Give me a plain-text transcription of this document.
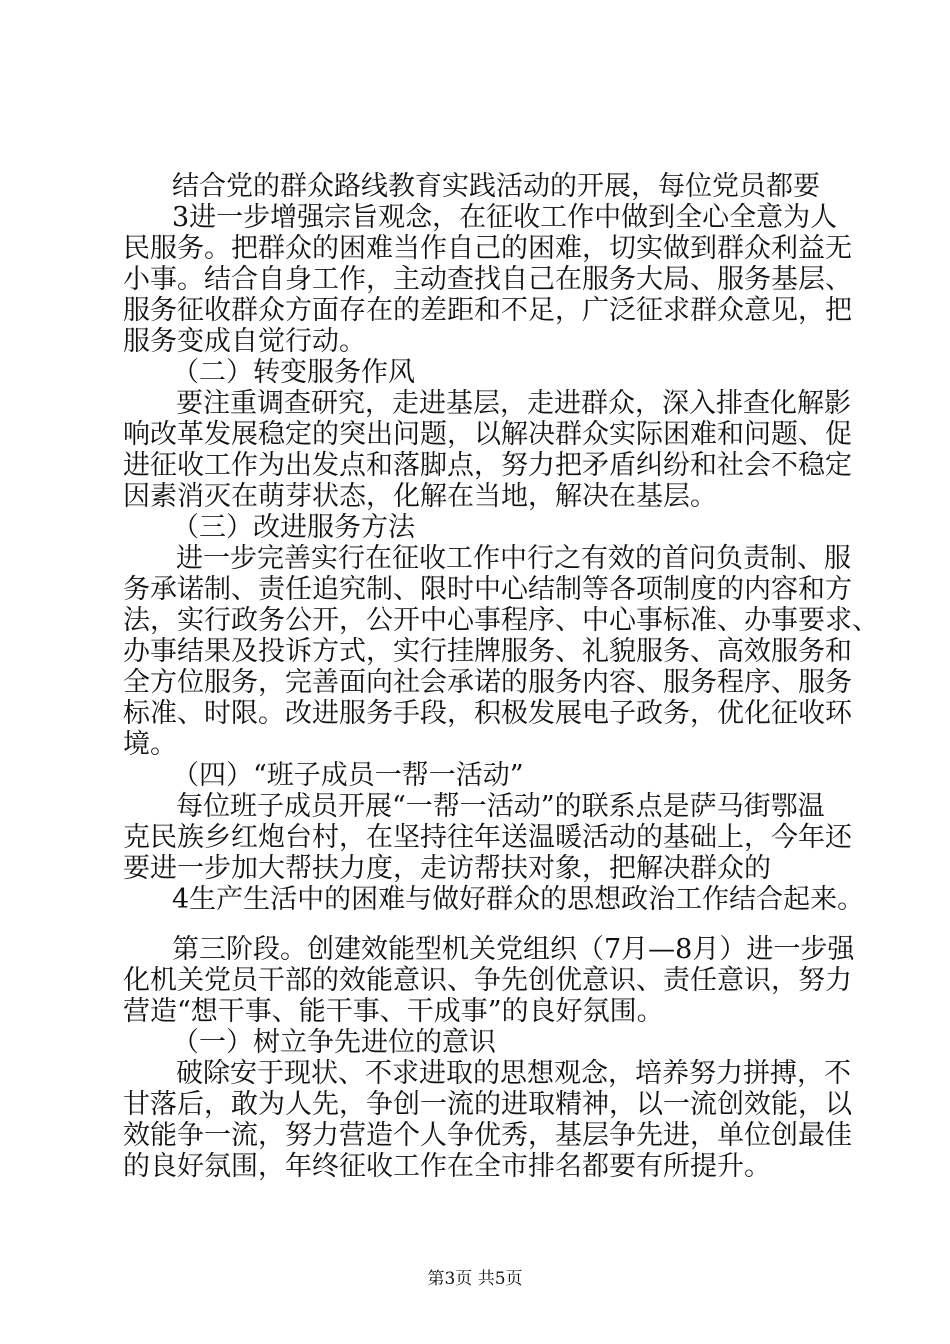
结合党的群众路线教育实践活动的开展，每位党员都要
3进一步增强宗旨观念，在征收工作中做到全心全意为人
民服务。把群众的困难当作自己的困难，切实做到群众利益无
小事。结合自身工作，主动查找自己在服务大局、服务基层、
服务征收群众方面存在的差距和不足，广泛征求群众意见，把
服务变成自觉行动。
（二）转变服务作风
要注重调查研究，走进基层，走进群众，深入排查化解影
响改革发展稳定的突出问题，以解决群众实际困难和问题、促
进征收工作为出发点和落脚点，努力把矛盾纠纷和社会不稳定
因素消灭在萌芽状态，化解在当地，解决在基层。
（三）改进服务方法
进一步完善实行在征收工作中行之有效的首问负责制、服
务承诺制、责任追究制、限时中心结制等各项制度的内容和方
法，实行政务公开，公开中心事程序、中心事标准、办事要求、
办事结果及投诉方式，实行挂牌服务、礼貌服务、高效服务和
全方位服务，完善面向社会承诺的服务内容、服务程序、服务
标准、时限。改进服务手段，积极发展电子政务，优化征收环
境。
（四）“班子成员一帮一活动”
每位班子成员开展“一帮一活动”的联系点是萨马街鄂温
克民族乡红炮台村，在坚持往年送温暖活动的基础上，今年还
要进一步加大帮扶力度，走访帮扶对象，把解决群众的
4生产生活中的困难与做好群众的思想政治工作结合起来。
第三阶段。创建效能型机关党组织（7月—8月）进一步强
化机关党员干部的效能意识、争先创优意识、责任意识，努力
营造“想干事、能干事、干成事”的良好氛围。
（一）树立争先进位的意识
破除安于现状、不求进取的思想观念，培养努力拼搏，不
甘落后，敢为人先，争创一流的进取精神，以一流创效能，以
效能争一流，努力营造个人争优秀，基层争先进，单位创最佳
的良好氛围，年终征收工作在全市排名都要有所提升。
第3页 共5页
